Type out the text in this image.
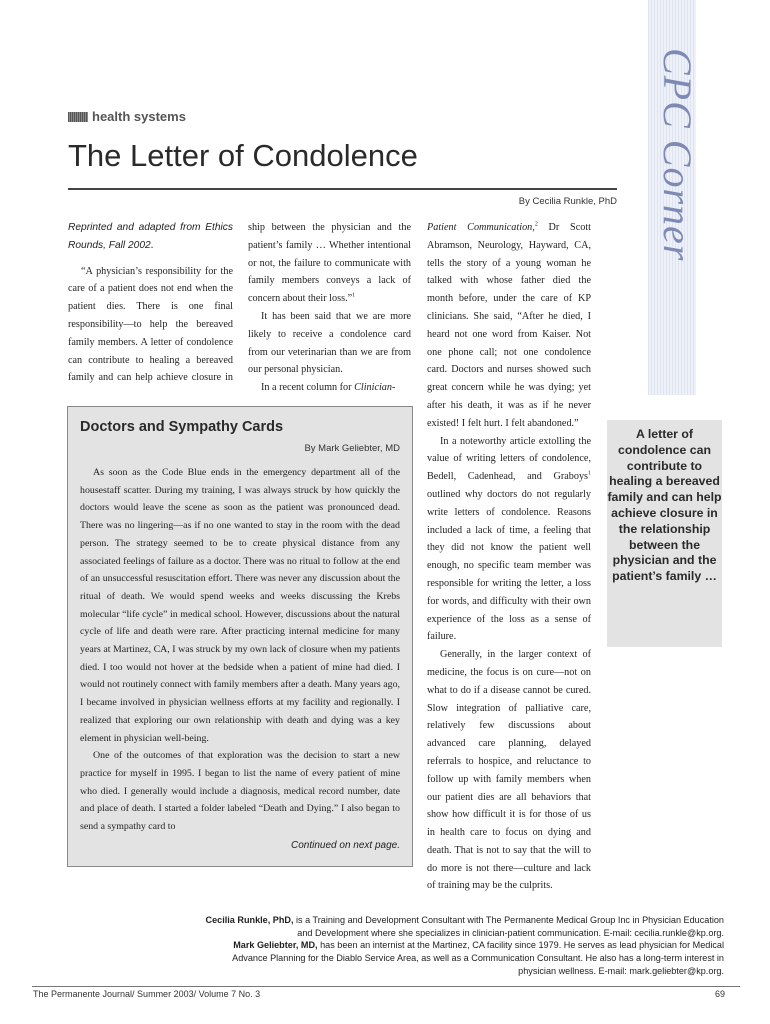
CPC Corner
health systems
The Letter of Condolence
By Cecilia Runkle, PhD

Reprinted and adapted from Ethics Rounds, Fall 2002.

“A physician’s responsibility for the care of a patient does not end when the patient dies. There is one final responsibility—to help the bereaved family members. A letter of condolence can contribute to healing a bereaved family and can help achieve closure in

ship between the physician and the patient’s family … Whether intentional or not, the failure to communicate with family members conveys a lack of concern about their loss.”$^1$

It has been said that we are more likely to receive a condolence card from our veterinarian than we are from our personal physician.

In a recent column for Clinician-

Patient Communication,$^2$ Dr Scott Abramson, Neurology, Hayward, CA, tells the story of a young woman he talked with whose father died the month before, under the care of KP clinicians. She said, “After he died, I heard not one word from Kaiser. Not one phone call; not one condolence card. Doctors and nurses showed such great concern while he was dying; yet after his death, it was as if he never existed! I felt hurt. I felt abandoned.”

In a noteworthy article extolling the value of writing letters of condolence, Bedell, Cadenhead, and Graboys$^1$ outlined why doctors do not regularly write letters of condolence. Reasons included a lack of time, a feeling that they did not know the patient well enough, no specific team member was responsible for writing the letter, a loss for words, and difficulty with their own experience of the loss as a sense of failure.

Generally, in the larger context of medicine, the focus is on cure—not on what to do if a disease cannot be cured. Slow integration of palliative care, relatively few discussions about advanced care planning, delayed referrals to hospice, and reluctance to follow up with family members when our patient dies are all behaviors that show how difficult it is for those of us in health care to focus on dying and death. That is not to say that the will to do more is not there—culture and lack of training may be the culprits.

Doctors and Sympathy Cards
By Mark Geliebter, MD

As soon as the Code Blue ends in the emergency department all of the housestaff scatter. During my training, I was always struck by how quickly the doctors would leave the scene as soon as the patient was pronounced dead. There was no lingering—as if no one wanted to stay in the room with the dead person. The strategy seemed to be to create physical distance from any associated feelings of failure as a doctor. There was no ritual to follow at the end of an unsuccessful resuscitation effort. There was never any discussion about the ritual of death. We would spend weeks and weeks discussing the Krebs molecular “life cycle” in medical school. However, discussions about the natural cycle of life and death were rare. After practicing internal medicine for many years at Martinez, CA, I was struck by my own lack of closure when my patients died. I too would not hover at the bedside when a patient of mine had died. I would not routinely connect with family members after a death. Many years ago, I became involved in physician wellness efforts at my facility and regionally. I realized that exploring our own relationship with death and dying was a key element in physician well-being.

One of the outcomes of that exploration was the decision to start a new practice for myself in 1995. I began to list the name of every patient of mine who died. I generally would include a diagnosis, medical record number, date and place of death. I started a folder labeled “Death and Dying.” I also began to send a sympathy card to

Continued on next page.
A letter of condolence can contribute to healing a bereaved family and can help achieve closure in the relationship between the physician and the patient’s family …

Cecilia Runkle, PhD, is a Training and Development Consultant with The Permanente Medical Group Inc in Physician Education and Development where she specializes in clinician-patient communication. E-mail: cecilia.runkle@kp.org.

Mark Geliebter, MD, has been an internist at the Martinez, CA facility since 1979. He serves as lead physician for Medical Advance Planning for the Diablo Service Area, as well as a Communication Consultant. He also has a long-term interest in physician wellness. E-mail: mark.geliebter@kp.org.

The Permanente Journal/ Summer 2003/ Volume 7 No. 3	69
